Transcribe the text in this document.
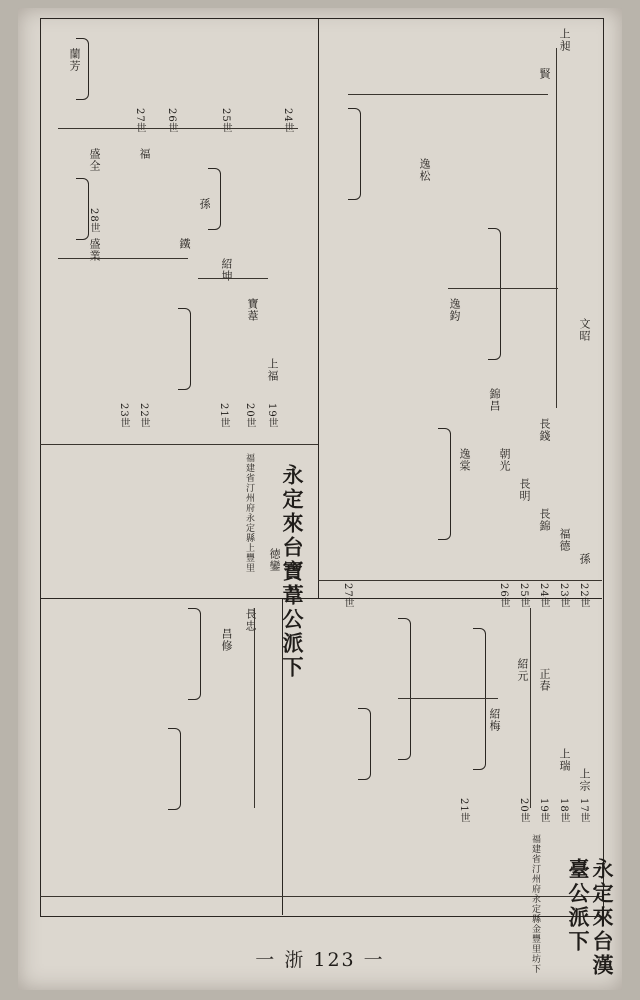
永定來台漢臺公派下
福建省汀州府永定縣金豐里坊下
永定來台寶葦公派下
福建省汀州府永定縣上豐里
17世
18世
19世
20世
21世
22世
23世
24世
25世
26世
27世
19世
20世
21世
22世
23世
24世
25世
26世
27世
28世
上宗
上瑞
正春
紹元
紹梅
孫
福德
長錦
長明
朝光
文昭
上昶
賢
長錢
逸鈞
錦昌
逸棠
逸松
上福
寶葦
紹坤
孫
鐵
徳鑾
長忠
昌修
盛全	福
蘭芳
盛業
一 浙 123 一
